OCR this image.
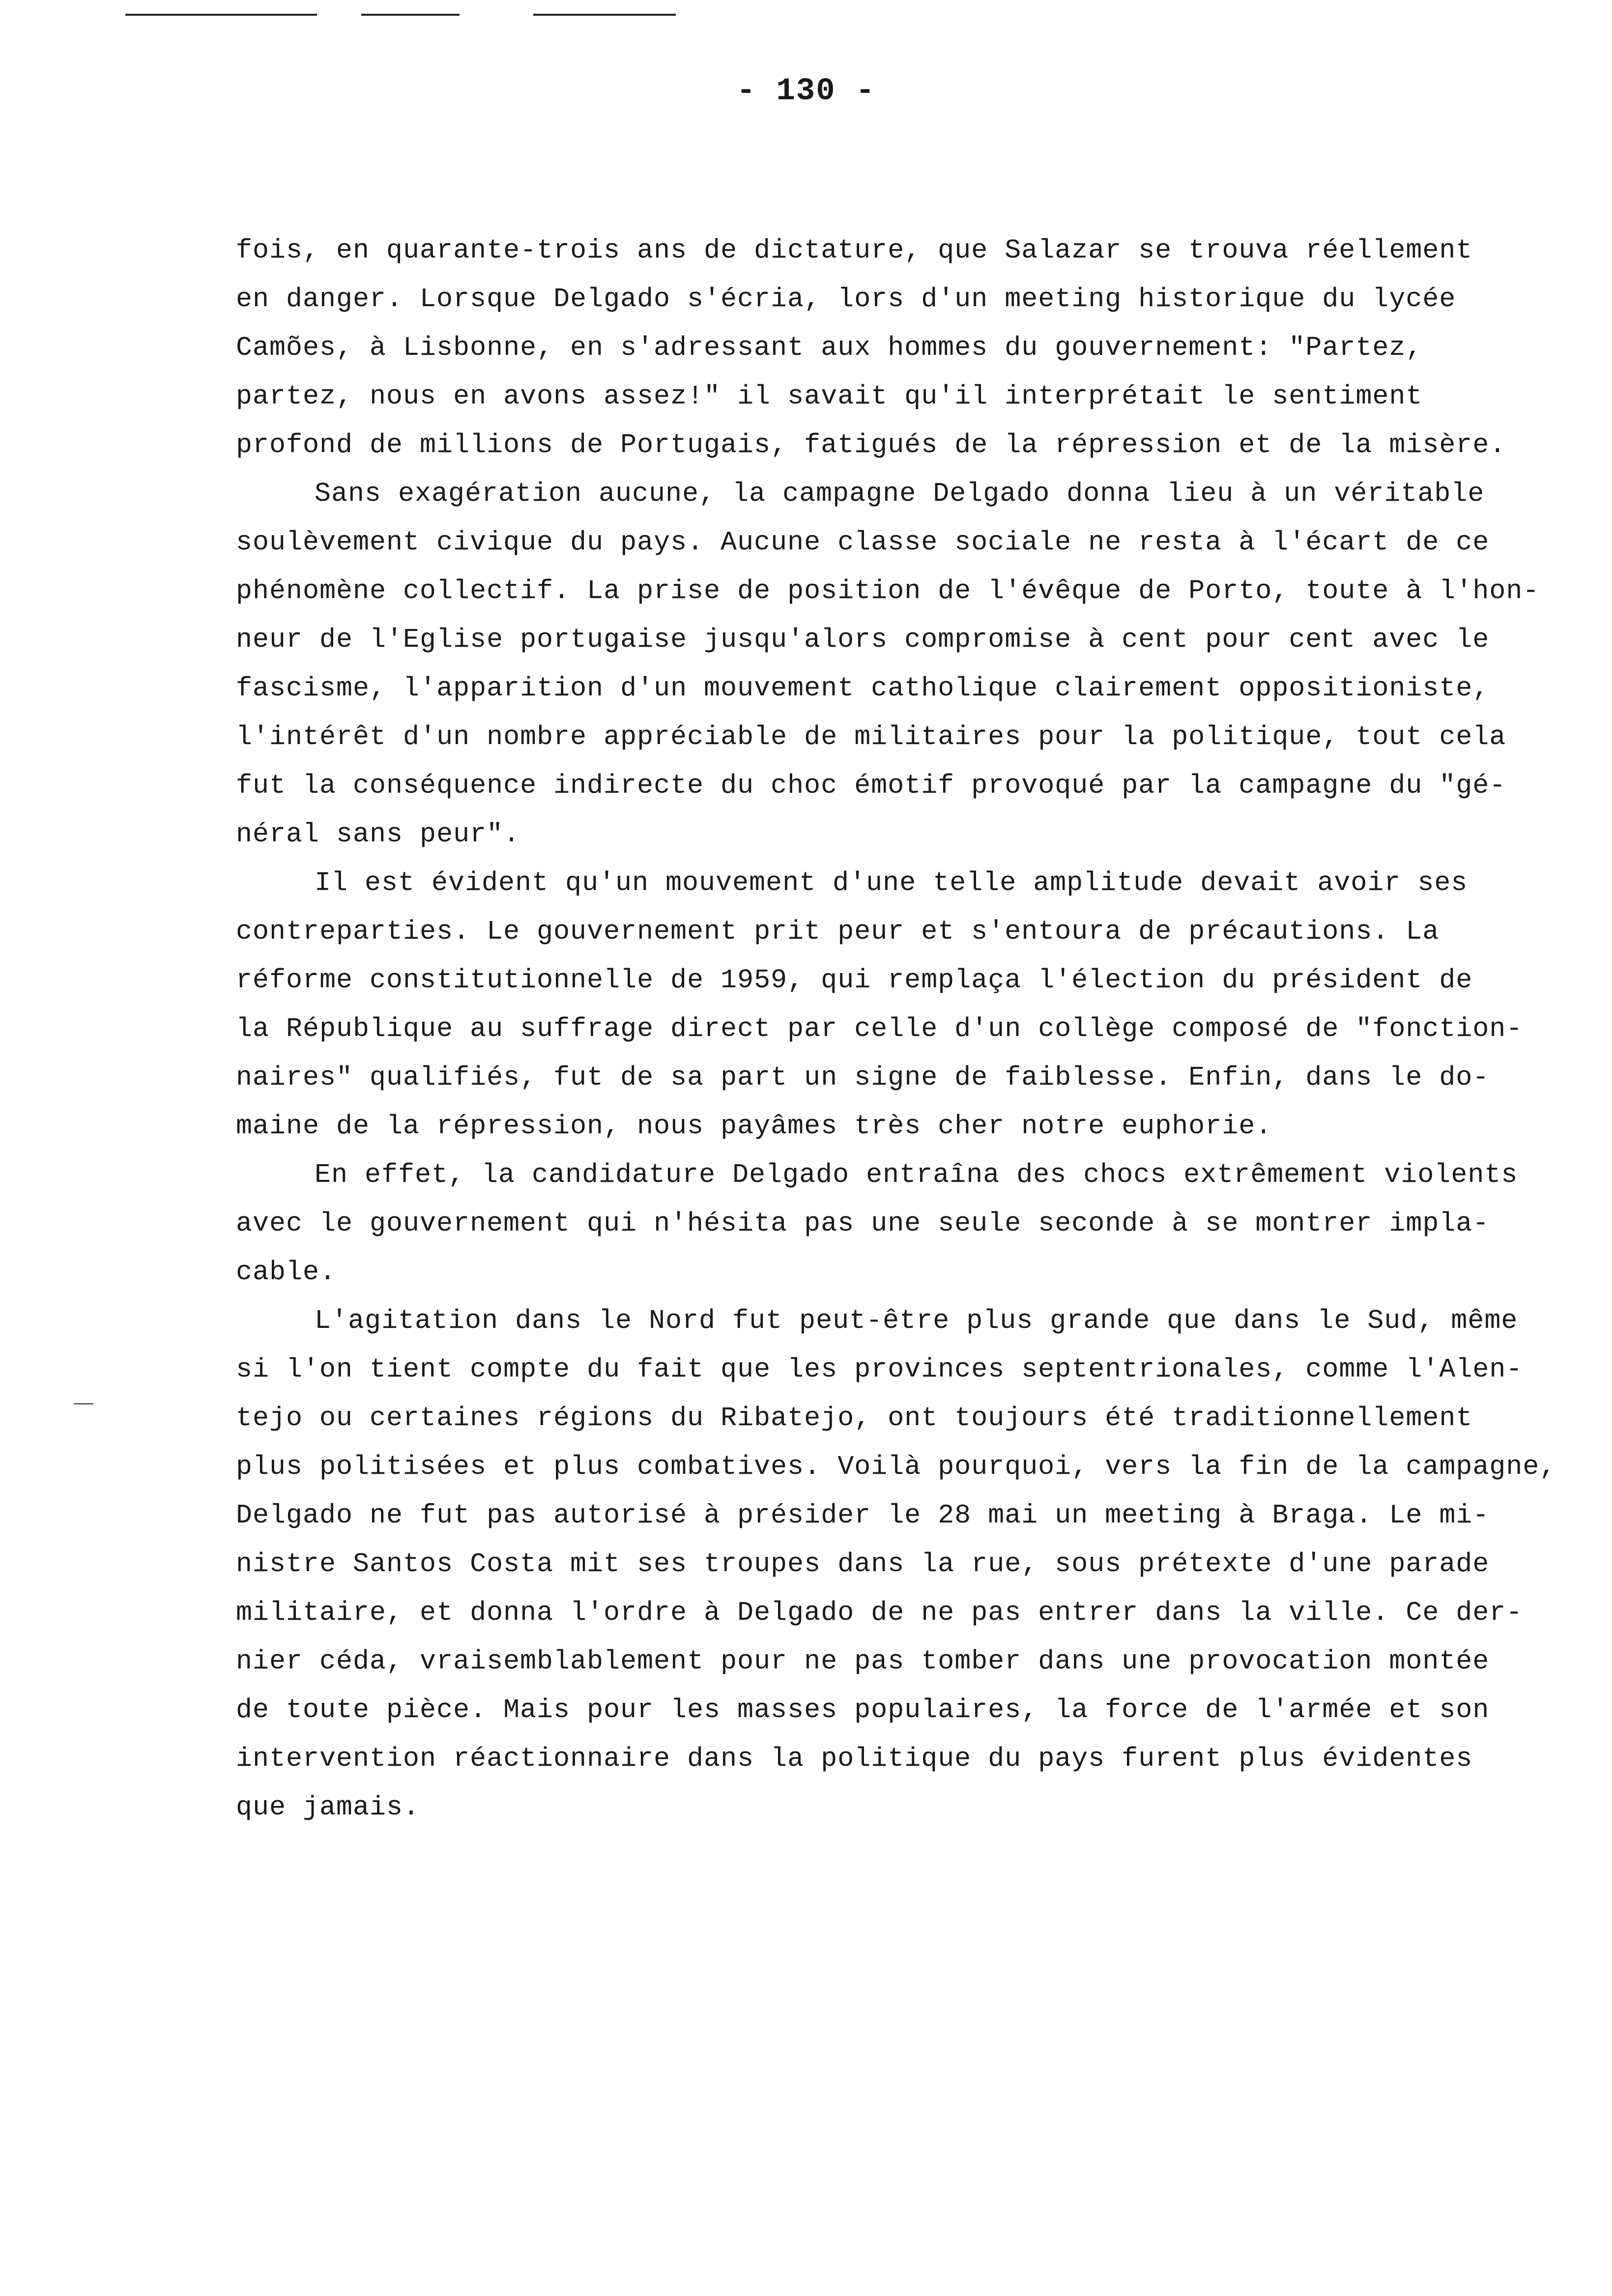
- 130 -
fois, en quarante-trois ans de dictature, que Salazar se trouva réellement
en danger. Lorsque Delgado s'écria, lors d'un meeting historique du lycée
Camões, à Lisbonne, en s'adressant aux hommes du gouvernement: "Partez,
partez, nous en avons assez!" il savait qu'il interprétait le sentiment
profond de millions de Portugais, fatigués de la répression et de la misère.
Sans exagération aucune, la campagne Delgado donna lieu à un véritable
soulèvement civique du pays. Aucune classe sociale ne resta à l'écart de ce
phénomène collectif. La prise de position de l'évêque de Porto, toute à l'hon-
neur de l'Eglise portugaise jusqu'alors compromise à cent pour cent avec le
fascisme, l'apparition d'un mouvement catholique clairement oppositioniste,
l'intérêt d'un nombre appréciable de militaires pour la politique, tout cela
fut la conséquence indirecte du choc émotif provoqué par la campagne du "gé-
néral sans peur".
Il est évident qu'un mouvement d'une telle amplitude devait avoir ses
contreparties. Le gouvernement prit peur et s'entoura de précautions. La
réforme constitutionnelle de 1959, qui remplaça l'élection du président de
la République au suffrage direct par celle d'un collège composé de "fonction-
naires" qualifiés, fut de sa part un signe de faiblesse. Enfin, dans le do-
maine de la répression, nous payâmes très cher notre euphorie.
En effet, la candidature Delgado entraîna des chocs extrêmement violents
avec le gouvernement qui n'hésita pas une seule seconde à se montrer impla-
cable.
L'agitation dans le Nord fut peut-être plus grande que dans le Sud, même
si l'on tient compte du fait que les provinces septentrionales, comme l'Alen-
tejo ou certaines régions du Ribatejo, ont toujours été traditionnellement
plus politisées et plus combatives. Voilà pourquoi, vers la fin de la campagne,
Delgado ne fut pas autorisé à présider le 28 mai un meeting à Braga. Le mi-
nistre Santos Costa mit ses troupes dans la rue, sous prétexte d'une parade
militaire, et donna l'ordre à Delgado de ne pas entrer dans la ville. Ce der-
nier céda, vraisemblablement pour ne pas tomber dans une provocation montée
de toute pièce. Mais pour les masses populaires, la force de l'armée et son
intervention réactionnaire dans la politique du pays furent plus évidentes
que jamais.
